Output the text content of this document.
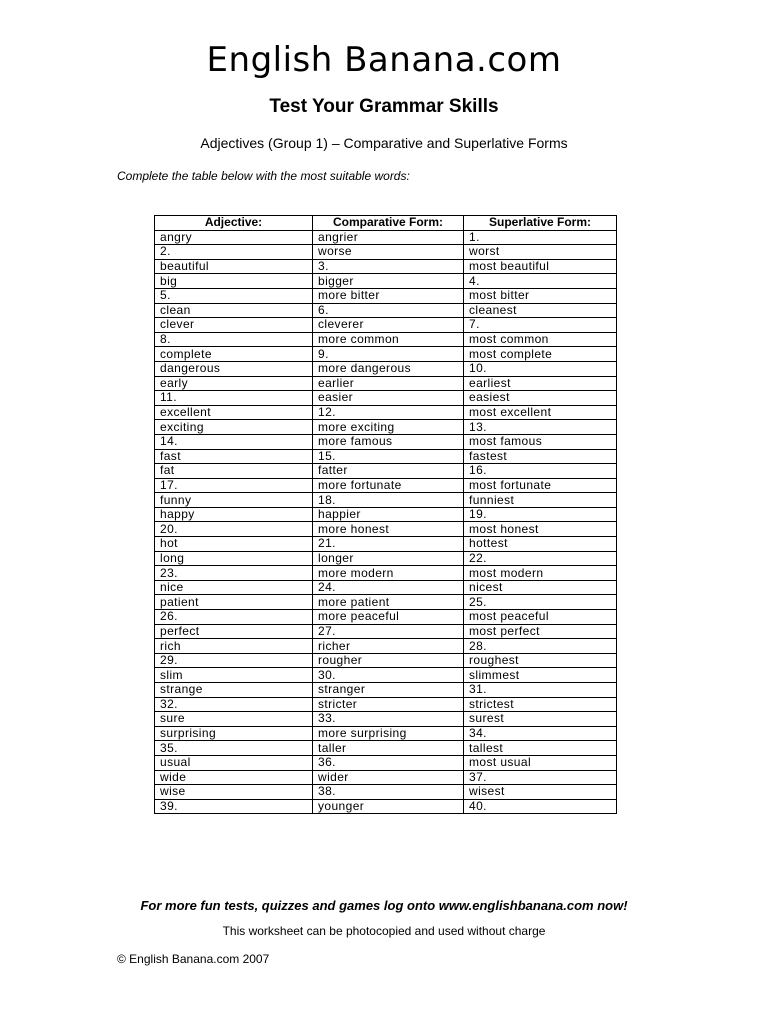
English Banana.com
Test Your Grammar Skills

Adjectives (Group 1) – Comparative and Superlative Forms

Complete the table below with the most suitable words:

Adjective:	Comparative Form:	Superlative Form:
angry	angrier	1.
2.	worse	worst
beautiful	3.	most beautiful
big	bigger	4.
5.	more bitter	most bitter
clean	6.	cleanest
clever	cleverer	7.
8.	more common	most common
complete	9.	most complete
dangerous	more dangerous	10.
early	earlier	earliest
11.	easier	easiest
excellent	12.	most excellent
exciting	more exciting	13.
14.	more famous	most famous
fast	15.	fastest
fat	fatter	16.
17.	more fortunate	most fortunate
funny	18.	funniest
happy	happier	19.
20.	more honest	most honest
hot	21.	hottest
long	longer	22.
23.	more modern	most modern
nice	24.	nicest
patient	more patient	25.
26.	more peaceful	most peaceful
perfect	27.	most perfect
rich	richer	28.
29.	rougher	roughest
slim	30.	slimmest
strange	stranger	31.
32.	stricter	strictest
sure	33.	surest
surprising	more surprising	34.
35.	taller	tallest
usual	36.	most usual
wide	wider	37.
wise	38.	wisest
39.	younger	40.

For more fun tests, quizzes and games log onto www.englishbanana.com now!

This worksheet can be photocopied and used without charge

© English Banana.com 2007
